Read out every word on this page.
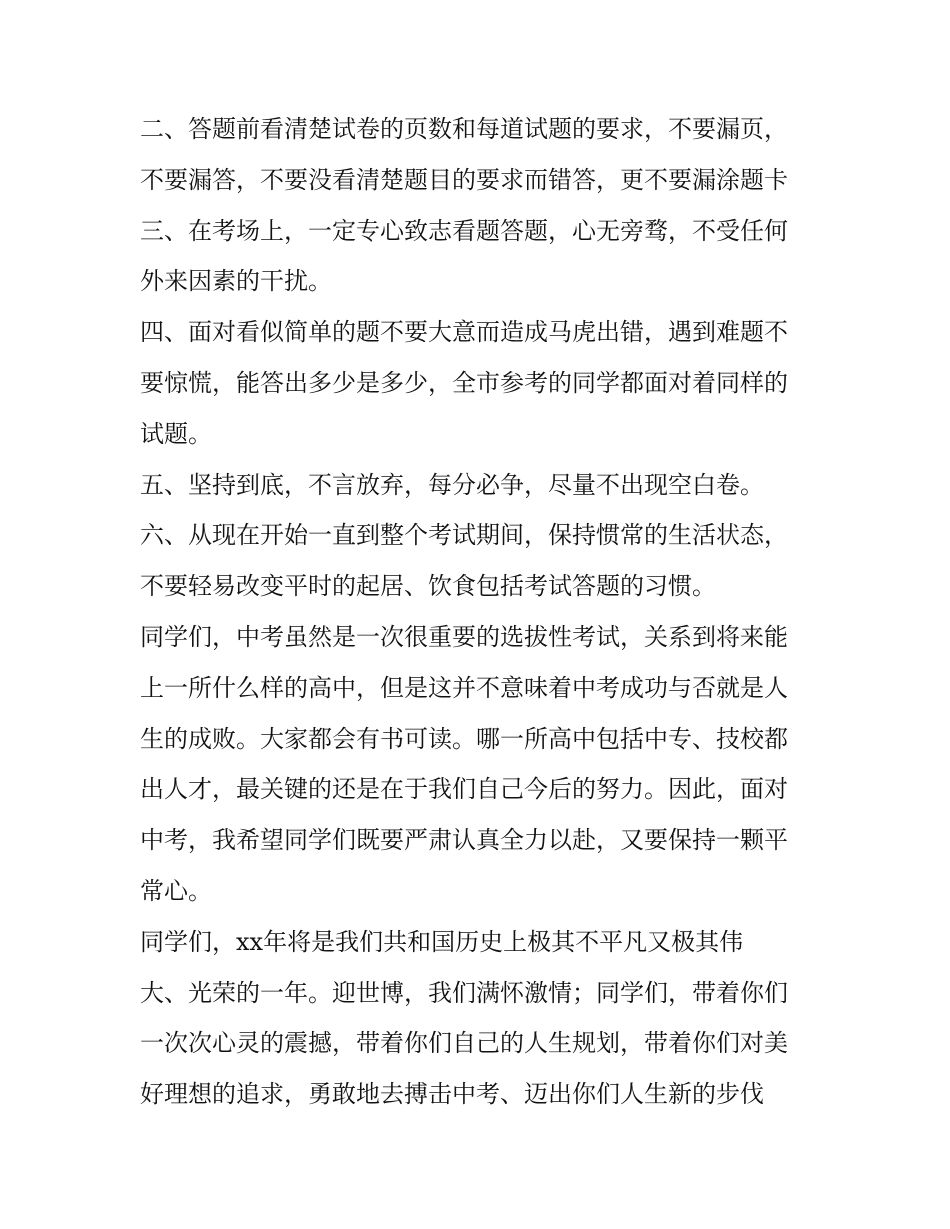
二、答题前看清楚试卷的页数和每道试题的要求，不要漏页，
不要漏答，不要没看清楚题目的要求而错答，更不要漏涂题卡
三、在考场上，一定专心致志看题答题，心无旁骛，不受任何
外来因素的干扰。
四、面对看似简单的题不要大意而造成马虎出错，遇到难题不
要惊慌，能答出多少是多少，全市参考的同学都面对着同样的
试题。
五、坚持到底，不言放弃，每分必争，尽量不出现空白卷。
六、从现在开始一直到整个考试期间，保持惯常的生活状态，
不要轻易改变平时的起居、饮食包括考试答题的习惯。
同学们，中考虽然是一次很重要的选拔性考试，关系到将来能
上一所什么样的高中，但是这并不意味着中考成功与否就是人
生的成败。大家都会有书可读。哪一所高中包括中专、技校都
出人才，最关键的还是在于我们自己今后的努力。因此，面对
中考，我希望同学们既要严肃认真全力以赴，又要保持一颗平
常心。
同学们，xx年将是我们共和国历史上极其不平凡又极其伟
大、光荣的一年。迎世博，我们满怀激情；同学们，带着你们
一次次心灵的震撼，带着你们自己的人生规划，带着你们对美
好理想的追求，勇敢地去搏击中考、迈出你们人生新的步伐
